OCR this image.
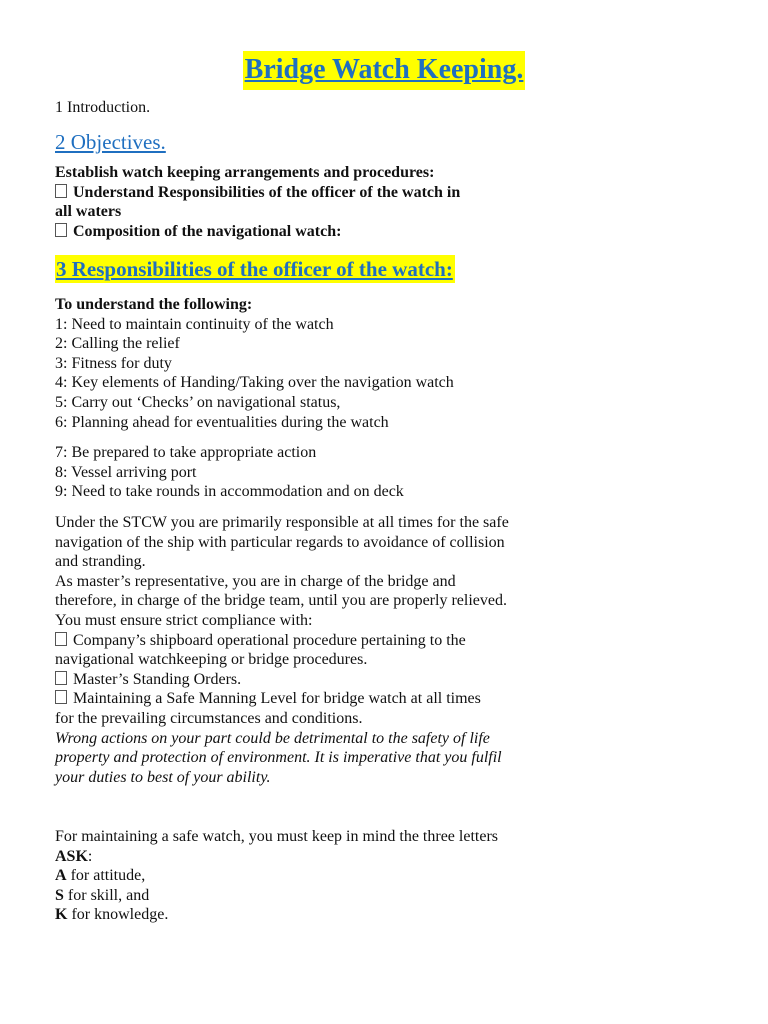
Bridge Watch Keeping.
1 Introduction.
2 Objectives.
Establish watch keeping arrangements and procedures:
Understand Responsibilities of the officer of the watch in
all waters
Composition of the navigational watch:
3 Responsibilities of the officer of the watch:
To understand the following:
1: Need to maintain continuity of the watch
2: Calling the relief
3: Fitness for duty
4: Key elements of Handing/Taking over the navigation watch
5: Carry out ‘Checks’ on navigational status,
6: Planning ahead for eventualities during the watch
7: Be prepared to take appropriate action
8: Vessel arriving port
9: Need to take rounds in accommodation and on deck
Under the STCW you are primarily responsible at all times for the safe
navigation of the ship with particular regards to avoidance of collision
and stranding.
As master’s representative, you are in charge of the bridge and
therefore, in charge of the bridge team, until you are properly relieved.
You must ensure strict compliance with:
Company’s shipboard operational procedure pertaining to the
navigational watchkeeping or bridge procedures.
Master’s Standing Orders.
Maintaining a Safe Manning Level for bridge watch at all times
for the prevailing circumstances and conditions.
Wrong actions on your part could be detrimental to the safety of life
property and protection of environment. It is imperative that you fulfil
your duties to best of your ability.
For maintaining a safe watch, you must keep in mind the three letters
ASK:
A for attitude,
S for skill, and
K for knowledge.
